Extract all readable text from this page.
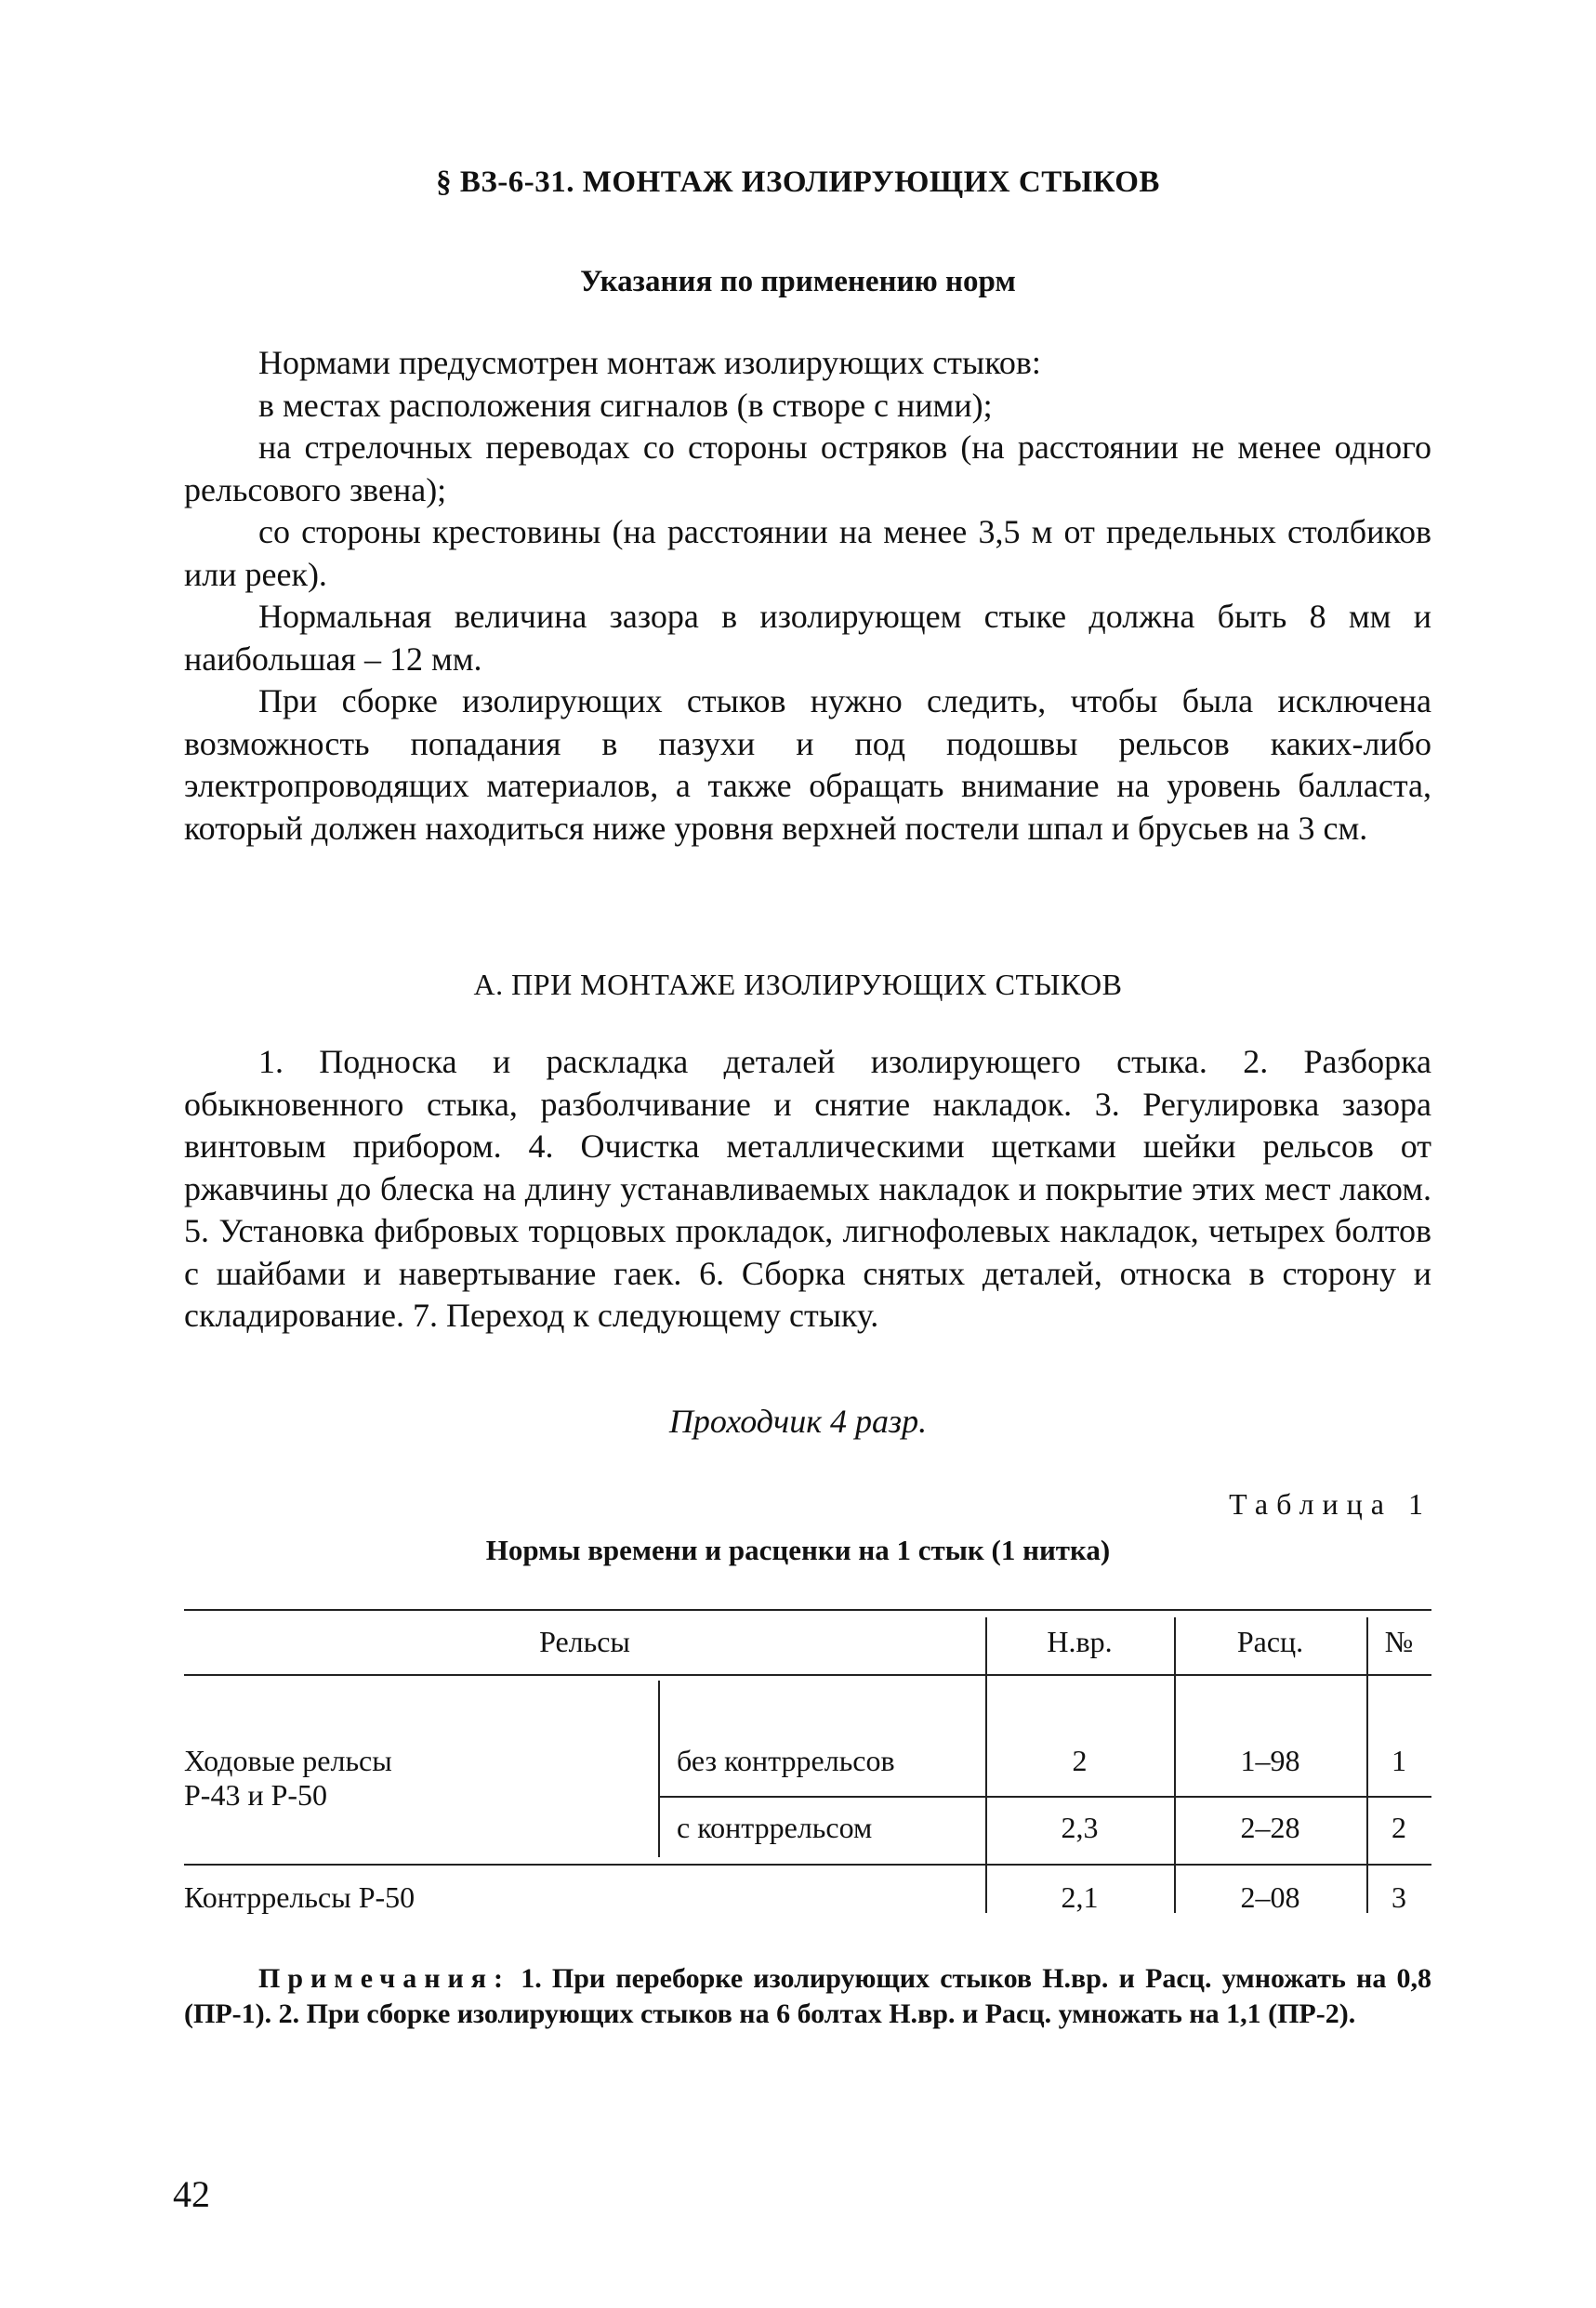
§ ВЗ-6-31. МОНТАЖ ИЗОЛИРУЮЩИХ СТЫКОВ
Указания по применению норм

Нормами предусмотрен монтаж изолирующих стыков:

в местах расположения сигналов (в створе с ними);

на стрелочных переводах со стороны остряков (на расстоянии не менее одного рельсового звена);

со стороны крестовины (на расстоянии на менее 3,5 м от предельных столбиков или реек).

Нормальная величина зазора в изолирующем стыке должна быть 8 мм и наибольшая – 12 мм.

При сборке изолирующих стыков нужно следить, чтобы была исключена возможность попадания в пазухи и под подошвы рельсов каких-либо электропроводящих материалов, а также обращать внимание на уровень балласта, который должен находиться ниже уровня верхней постели шпал и брусьев на 3 см.

А. ПРИ МОНТАЖЕ ИЗОЛИРУЮЩИХ СТЫКОВ
1. Подноска и раскладка деталей изолирующего стыка. 2. Разборка обыкновенного стыка, разболчивание и снятие накладок. 3. Регулировка зазора винтовым прибором. 4. Очистка металлическими щетками шейки рельсов от ржавчины до блеска на длину устанавливаемых накладок и покрытие этих мест лаком. 5. Установка фибровых торцовых прокладок, лигнофолевых накладок, четырех болтов с шайбами и навертывание гаек. 6. Сборка снятых деталей, относка в сторону и складирование. 7. Переход к следующему стыку.
Проходчик 4 разр.
Таблица 1
Нормы времени и расценки на 1 стык (1 нитка)
Рельсы	Н.вр.	Расц.	№
Ходовые рельсы
Р-43 и Р-50
без контррельсов	2	1–98	1
с контррельсом	2,3	2–28	2
Контррельсы Р-50	2,1	2–08	3
Примечания: 1. При переборке изолирующих стыков Н.вр. и Расц. умножать на 0,8 (ПР-1). 2. При сборке изолирующих стыков на 6 болтах Н.вр. и Расц. умножать на 1,1 (ПР-2).
42
